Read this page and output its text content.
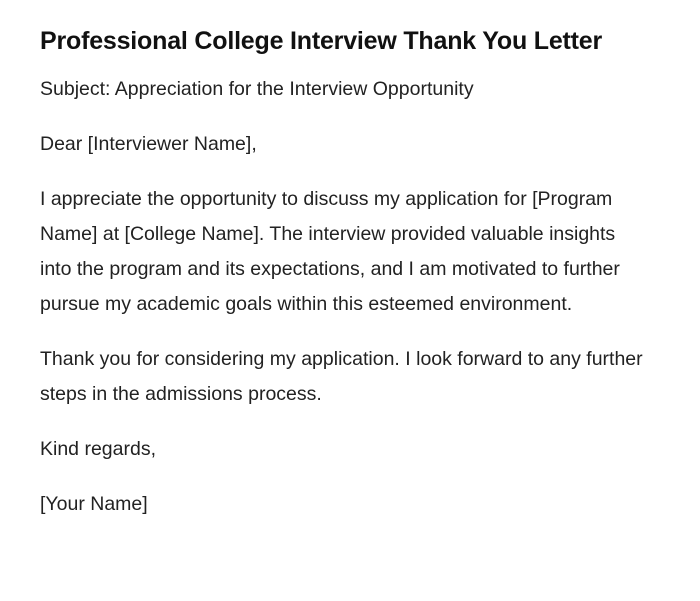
Professional College Interview Thank You Letter

Subject: Appreciation for the Interview Opportunity

Dear [Interviewer Name],

I appreciate the opportunity to discuss my application for [Program Name] at [College Name]. The interview provided valuable insights into the program and its expectations, and I am motivated to further pursue my academic goals within this esteemed environment.

Thank you for considering my application. I look forward to any further steps in the admissions process.

Kind regards,

[Your Name]
